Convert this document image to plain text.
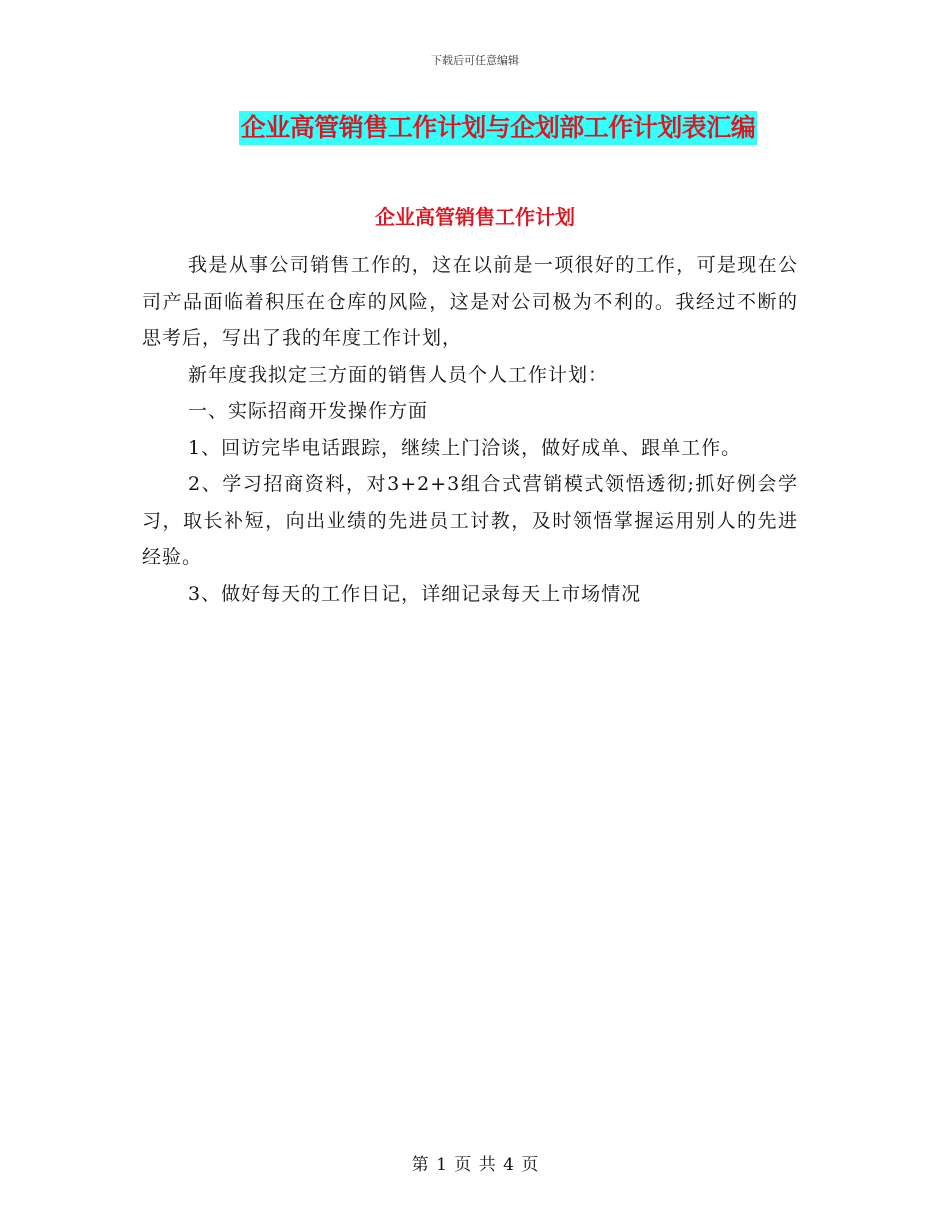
下载后可任意编辑
企业高管销售工作计划与企划部工作计划表汇编
企业高管销售工作计划

我是从事公司销售工作的，这在以前是一项很好的工作，可是现在公司产品面临着积压在仓库的风险，这是对公司极为不利的。我经过不断的思考后，写出了我的年度工作计划，

新年度我拟定三方面的销售人员个人工作计划：

一、实际招商开发操作方面

1、回访完毕电话跟踪，继续上门洽谈，做好成单、跟单工作。

2、学习招商资料，对3+2+3组合式营销模式领悟透彻;抓好例会学习，取长补短，向出业绩的先进员工讨教，及时领悟掌握运用别人的先进经验。

3、做好每天的工作日记，详细记录每天上市场情况

第 1 页 共 4 页
